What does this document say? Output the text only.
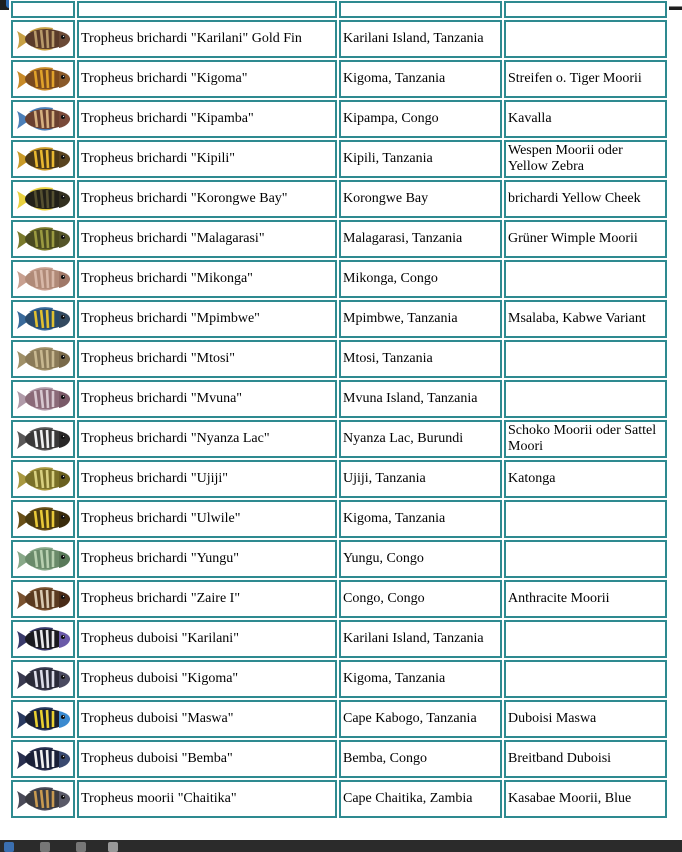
	Tropheus brichardi "Karilani" Gold Fin	Karilani Island, Tanzania	

	Tropheus brichardi "Kigoma"	Kigoma, Tanzania	Streifen o. Tiger Moorii

	Tropheus brichardi "Kipamba"	Kipampa, Congo	Kavalla

	Tropheus brichardi "Kipili"	Kipili, Tanzania	Wespen Moorii oder Yellow Zebra

	Tropheus brichardi "Korongwe Bay"	Korongwe Bay	brichardi Yellow Cheek

	Tropheus brichardi "Malagarasi"	Malagarasi, Tanzania	Grüner Wimple Moorii

	Tropheus brichardi "Mikonga"	Mikonga, Congo	

	Tropheus brichardi "Mpimbwe"	Mpimbwe, Tanzania	Msalaba, Kabwe Variant

	Tropheus brichardi "Mtosi"	Mtosi, Tanzania	

	Tropheus brichardi "Mvuna"	Mvuna Island, Tanzania	

	Tropheus brichardi "Nyanza Lac"	Nyanza Lac, Burundi	Schoko Moorii oder Sattel Moori

	Tropheus brichardi "Ujiji"	Ujiji, Tanzania	Katonga

	Tropheus brichardi "Ulwile"	Kigoma, Tanzania	

	Tropheus brichardi "Yungu"	Yungu, Congo	

	Tropheus brichardi "Zaire I"	Congo, Congo	Anthracite Moorii

	Tropheus duboisi "Karilani"	Karilani Island, Tanzania	

	Tropheus duboisi "Kigoma"	Kigoma, Tanzania	

	Tropheus duboisi "Maswa"	Cape Kabogo, Tanzania	Duboisi Maswa

	Tropheus duboisi "Bemba"	Bemba, Congo	Breitband Duboisi

	Tropheus moorii "Chaitika"	Cape Chaitika, Zambia	Kasabae Moorii, Blue
